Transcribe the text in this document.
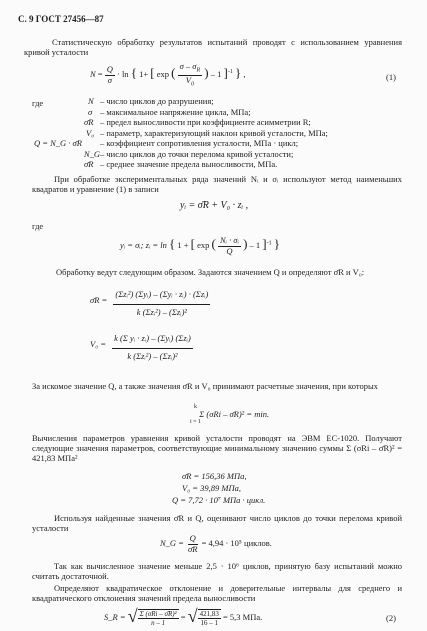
С. 9 ГОСТ 27456—87
Статистическую обработку результатов испытаний проводят с использованием уравнения кривой усталости
$N = \frac{Q}{\sigma} \cdot \ln$ { 1+ [ exp ( $\frac{\sigma - \sigma_R}{V_0}$ ) – 1 ]$^{-1}$ } ,	(1)
где	N – число циклов до разрушения;
σ – максимальное напряжение цикла, МПа;
σ̄R – предел выносливости при коэффициенте асимметрии R;
V₀ – параметр, характеризующий наклон кривой усталости, МПа;
Q = N_G · σ̄R – коэффициент сопротивления усталости, МПа · цикл;
N_G – число циклов до точки перелома кривой усталости;
σ̄R – среднее значение предела выносливости, МПа.
При обработке экспериментальных ряда значений Nᵢ и σᵢ используют метод наименьших квадратов и уравнение (1) в записи
yᵢ = σ̄R + V₀ · zᵢ ,
где
yᵢ = σᵢ; zᵢ = ln { 1 + [ exp ( $\frac{\text{Nᵢ · σᵢ}}{Q}$ ) – 1 ]$^{-1}$ }
Обработку ведут следующим образом. Задаются значением Q и определяют σ̄R и V₀:
σ̄R = $\frac{\text{(Σzᵢ²) (Σyᵢ) – (Σyᵢ · zᵢ) · (Σzᵢ)}}{\text{k (Σzᵢ²) – (Σzᵢ)²}}$
$V_0 = \frac{\text{k (Σ yᵢ · zᵢ) – (Σyᵢ) (Σzᵢ)}}{\text{k (Σzᵢ²) – (Σzᵢ)²}}$
За искомое значение Q, а также значения σ̄R и V₀ принимают расчетные значения, при которых
k
i = 1
Σ (σRi – σ̄R)² = min.
Вычисления параметров уравнения кривой усталости проводят на ЭВМ ЕС-1020. Получают следующие значения параметров, соответствующие минимальному значению суммы Σ (σRi – σ̄R)² = 421,83 МПа²
σ̄R = 156,36 МПа,
V₀ = 39,89 МПа,
Q = 7,72 · 10⁷ МПа · цикл.
Используя найденные значения σ̄R и Q, оценивают число циклов до точки перелома кривой усталости
N_G = $\frac{Q}{\sigmāR} = 4,94 \cdot 10^5$ циклов.
Так как вычисленное значение меньше 2,5 · 10⁶ циклов, принятую базу испытаний можно считать достаточной.
Определяют квадратическое отклонение и доверительные интервалы для среднего и квадратического отклонения значений предела выносливости
S_R = √ $\frac{\text{Σ (σRi – σ̄R)²}}{n - 1}$ = √ $\frac{421,83}{16 - 1} = 5,3$ МПа.	(2)
